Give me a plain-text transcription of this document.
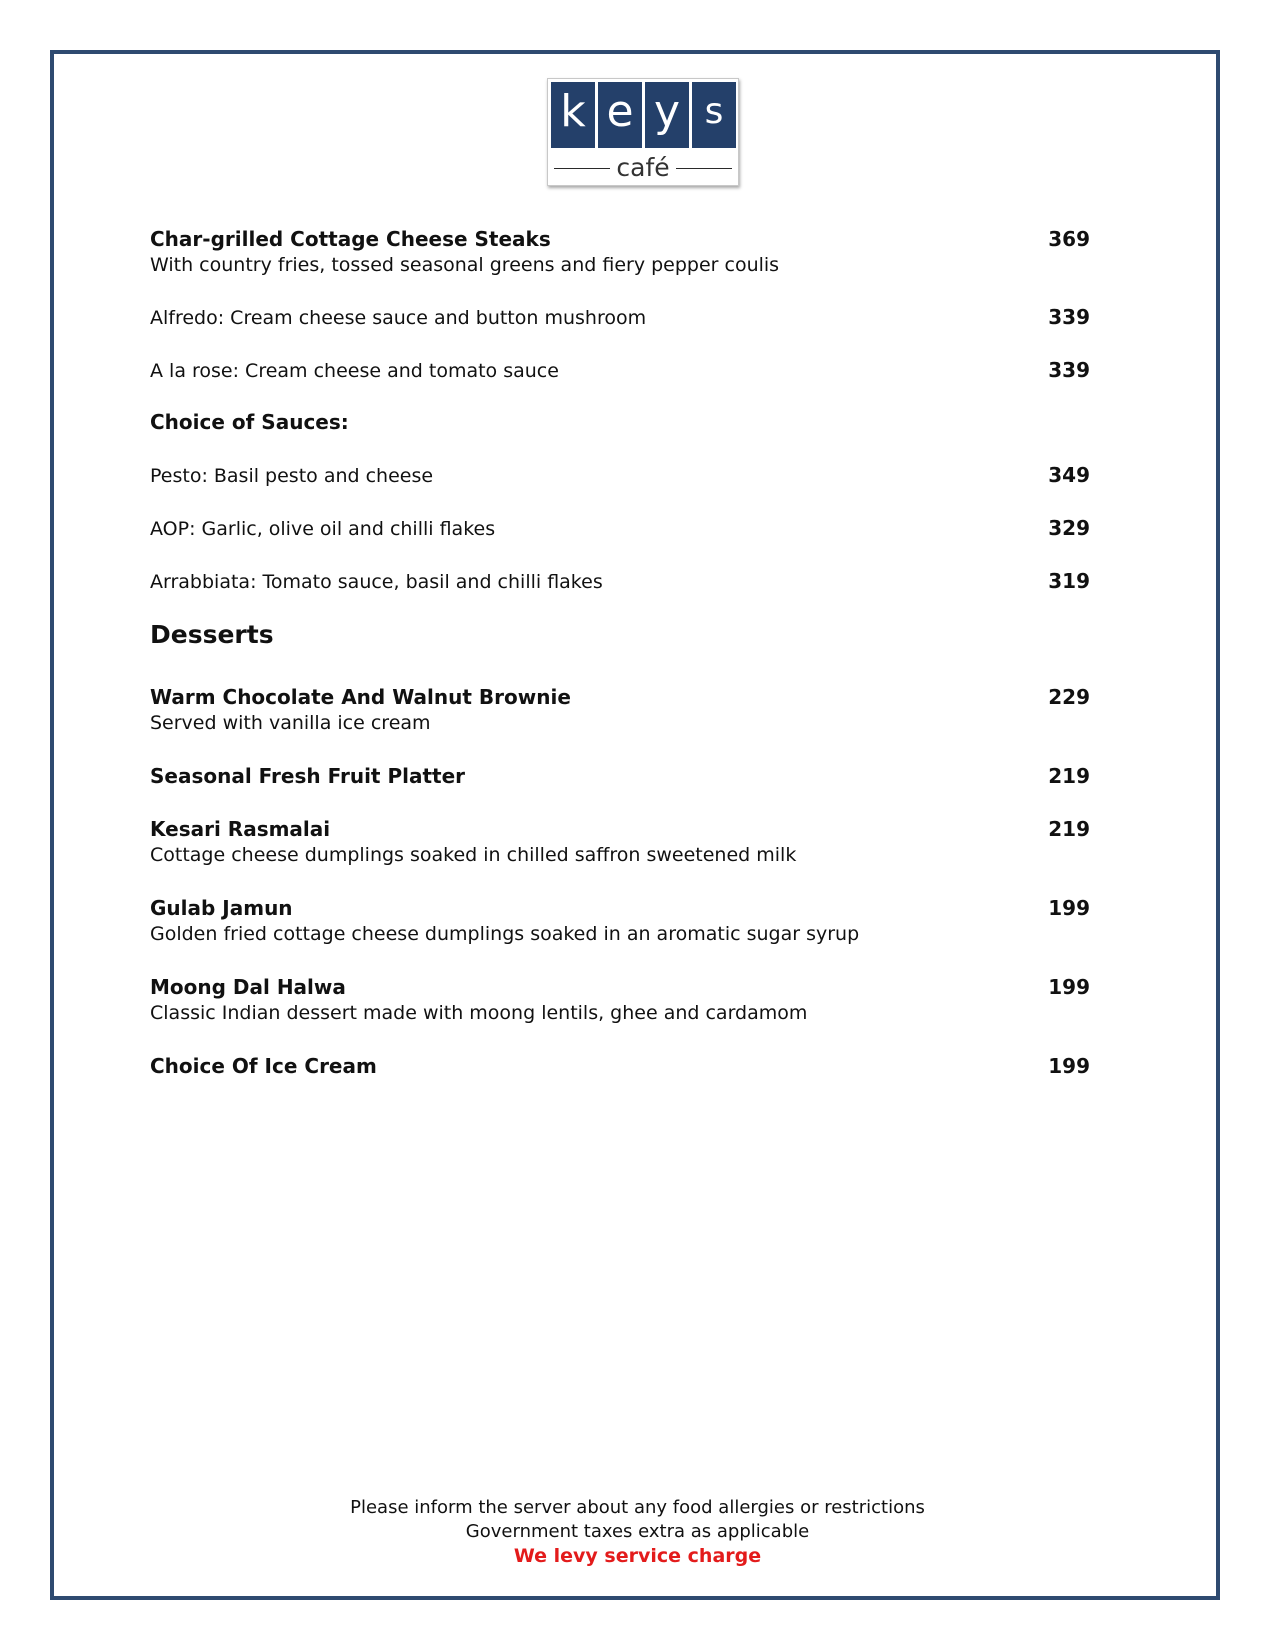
k e y s
café
Char-grilled Cottage Cheese Steaks	369
With country fries, tossed seasonal greens and fiery pepper coulis
Alfredo: Cream cheese sauce and button mushroom	339
A la rose: Cream cheese and tomato sauce	339
Choice of Sauces:
Pesto: Basil pesto and cheese	349
AOP: Garlic, olive oil and chilli flakes	329
Arrabbiata: Tomato sauce, basil and chilli flakes	319
Desserts
Warm Chocolate And Walnut Brownie	229
Served with vanilla ice cream
Seasonal Fresh Fruit Platter	219
Kesari Rasmalai	219
Cottage cheese dumplings soaked in chilled saffron sweetened milk
Gulab Jamun	199
Golden fried cottage cheese dumplings soaked in an aromatic sugar syrup
Moong Dal Halwa	199
Classic Indian dessert made with moong lentils, ghee and cardamom
Choice Of Ice Cream	199
Please inform the server about any food allergies or restrictions
Government taxes extra as applicable
We levy service charge
